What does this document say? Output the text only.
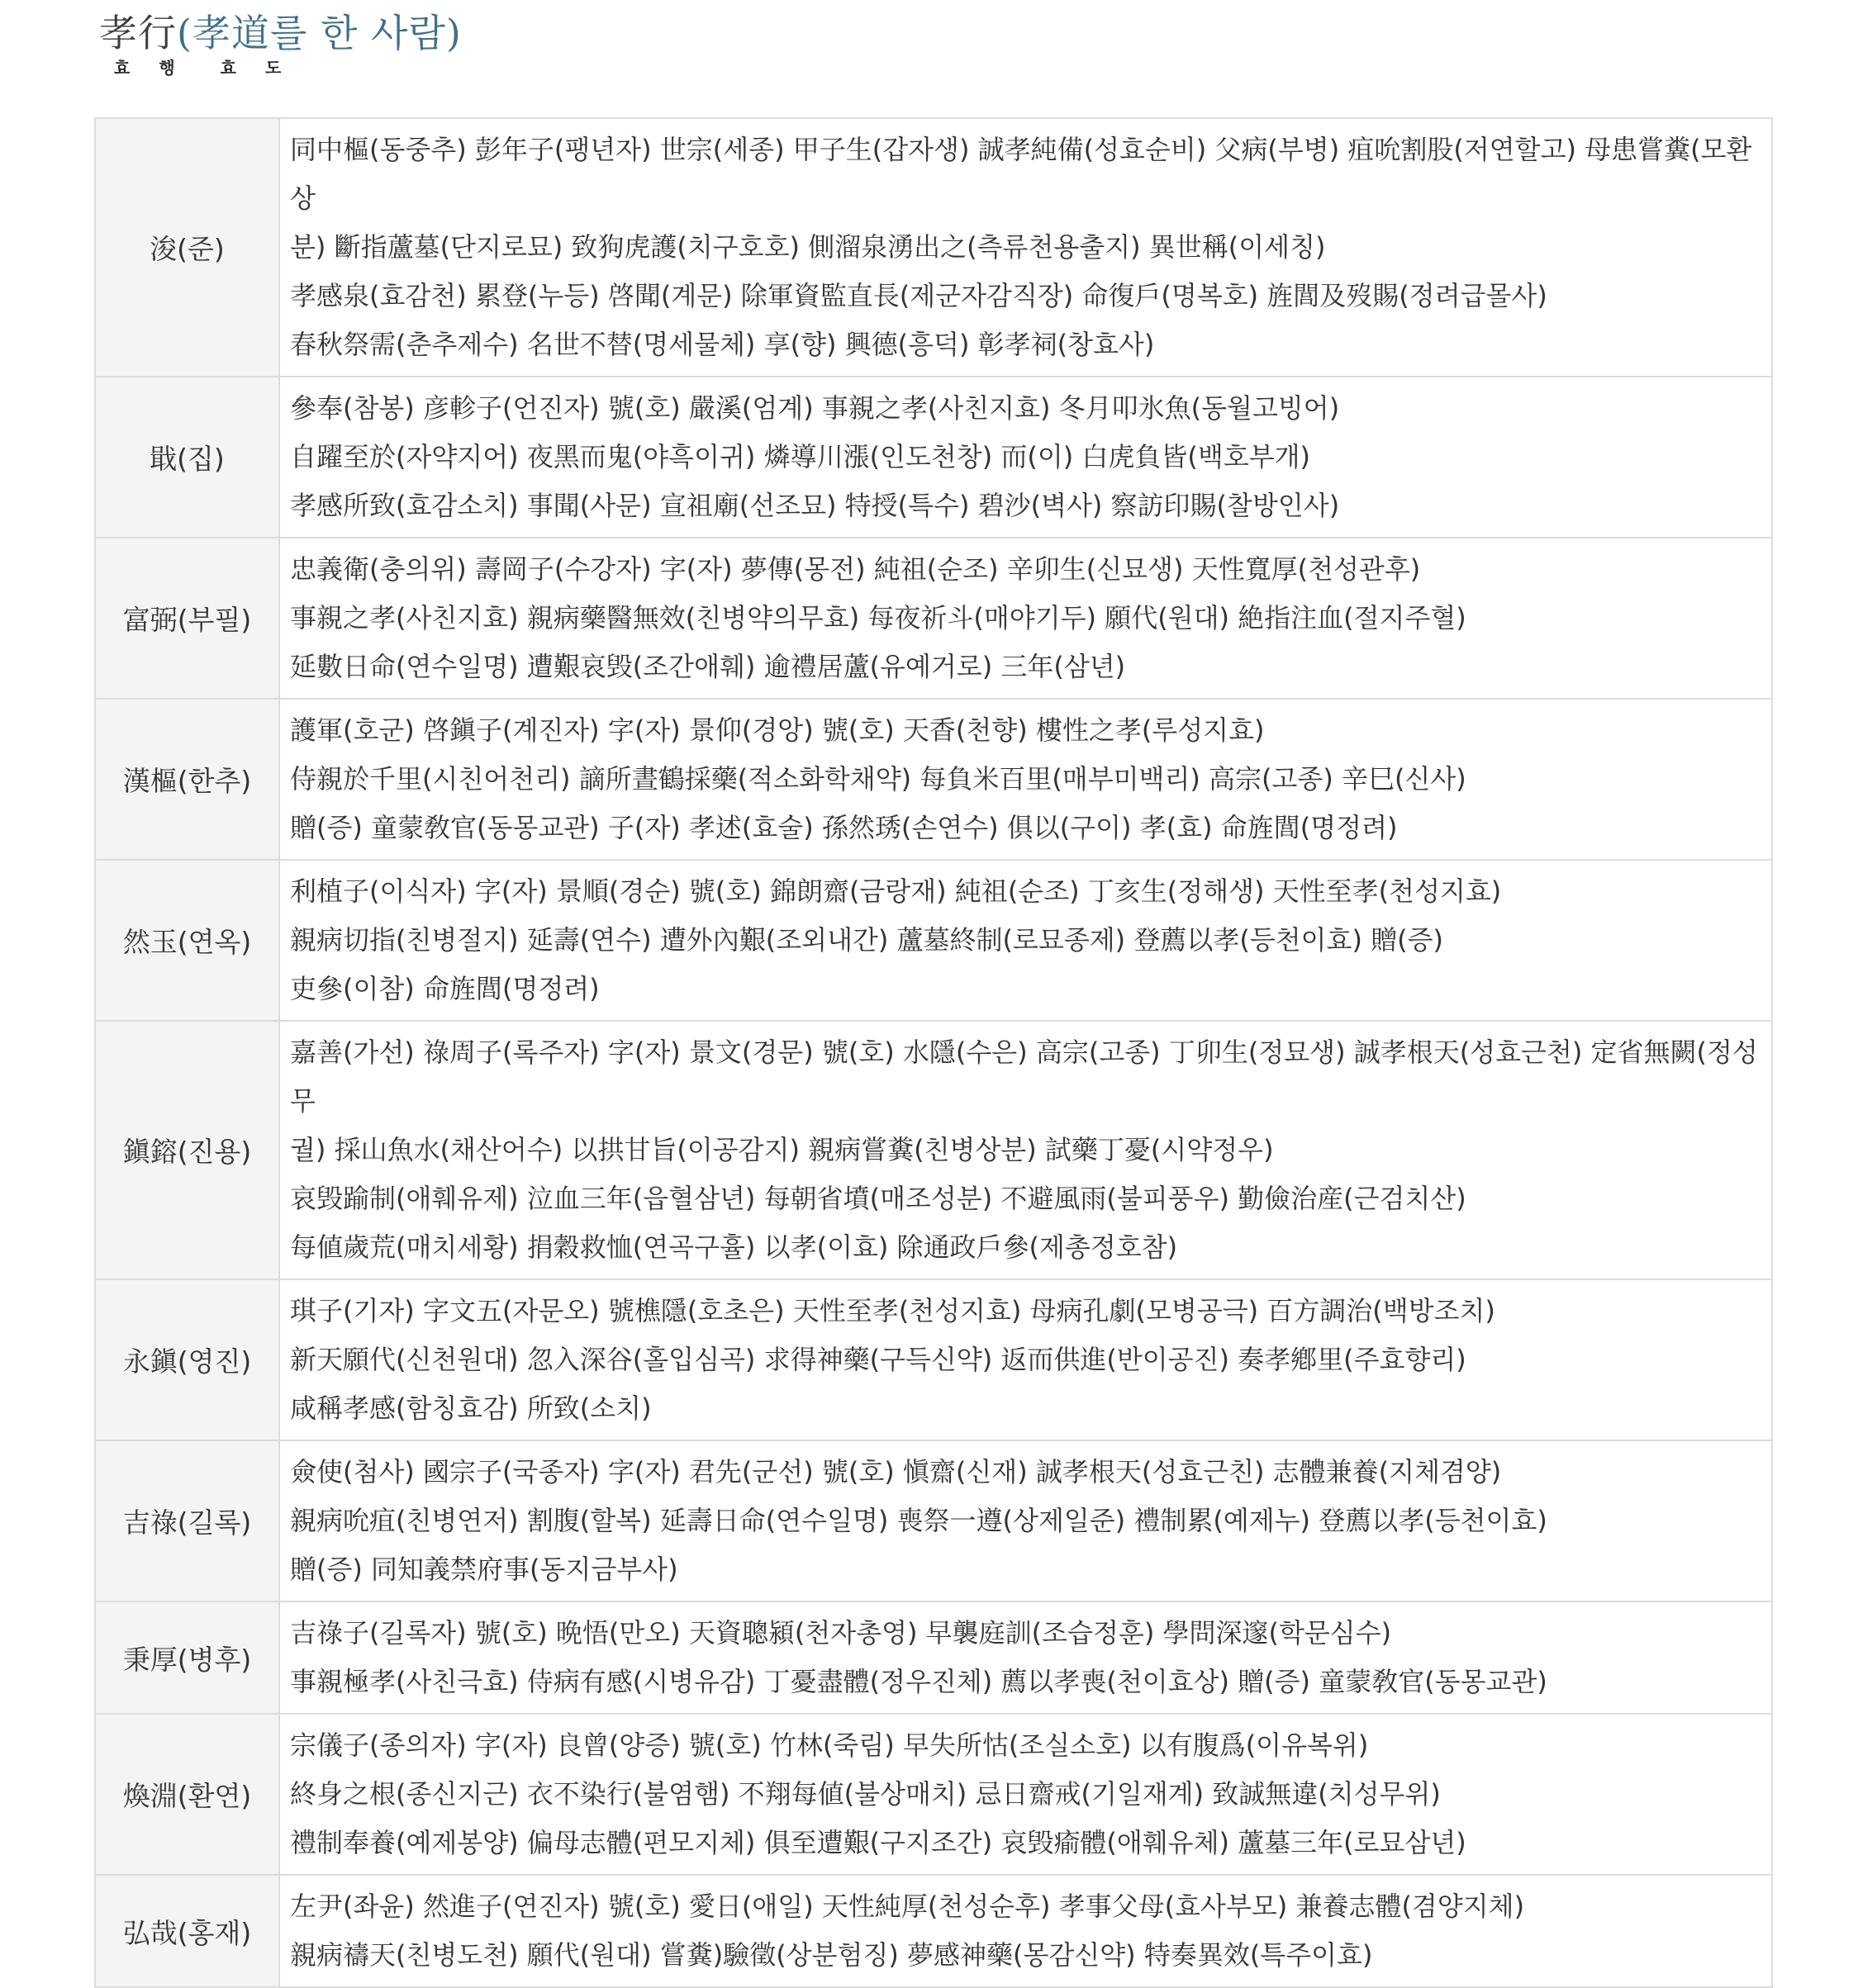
孝行(孝道를 한 사람)
효 행	효 도
浚(준)	同中樞(동중추) 彭年子(팽년자) 世宗(세종) 甲子生(갑자생) 誠孝純備(성효순비) 父病(부병) 疽吮割股(저연할고) 母患嘗糞(모환상
분) 斷指蘆墓(단지로묘) 致狗虎護(치구호호) 側溜泉湧出之(측류천용출지) 異世稱(이세칭)
孝感泉(효감천) 累登(누등) 啓聞(계문) 除軍資監直長(제군자감직장) 命復戶(명복호) 旌閭及歿賜(정려급몰사)
春秋祭需(춘추제수) 名世不替(명세물체) 享(향) 興德(흥덕) 彰孝祠(창효사)

戢(집)	參奉(참봉) 彦軫子(언진자) 號(호) 嚴溪(엄계) 事親之孝(사친지효) 冬月叩氷魚(동월고빙어)
自躍至於(자약지어) 夜黑而鬼(야흑이귀) 燐導川漲(인도천창) 而(이) 白虎負皆(백호부개)
孝感所致(효감소치) 事聞(사문) 宣祖廟(선조묘) 特授(특수) 碧沙(벽사) 察訪印賜(찰방인사)

富弼(부필)	忠義衛(충의위) 壽岡子(수강자) 字(자) 夢傳(몽전) 純祖(순조) 辛卯生(신묘생) 天性寬厚(천성관후)
事親之孝(사친지효) 親病藥醫無效(친병약의무효) 每夜祈斗(매야기두) 願代(원대) 絶指注血(절지주혈)
延數日命(연수일명) 遭艱哀毁(조간애훼) 逾禮居蘆(유예거로) 三年(삼년)

漢樞(한추)	護軍(호군) 啓鎭子(계진자) 字(자) 景仰(경앙) 號(호) 天香(천향) 樓性之孝(루성지효)
侍親於千里(시친어천리) 謫所晝鶴採藥(적소화학채약) 每負米百里(매부미백리) 高宗(고종) 辛巳(신사)
贈(증) 童蒙敎官(동몽교관) 子(자) 孝述(효술) 孫然琇(손연수) 俱以(구이) 孝(효) 命旌閭(명정려)

然玉(연옥)	利植子(이식자) 字(자) 景順(경순) 號(호) 錦朗齋(금랑재) 純祖(순조) 丁亥生(정해생) 天性至孝(천성지효)
親病切指(친병절지) 延壽(연수) 遭外內艱(조외내간) 蘆墓終制(로묘종제) 登薦以孝(등천이효) 贈(증)
吏參(이참) 命旌閭(명정려)

鎭鎔(진용)	嘉善(가선) 祿周子(록주자) 字(자) 景文(경문) 號(호) 水隱(수은) 高宗(고종) 丁卯生(정묘생) 誠孝根天(성효근천) 定省無闕(정성무
궐) 採山魚水(채산어수) 以拱甘旨(이공감지) 親病嘗糞(친병상분) 試藥丁憂(시약정우)
哀毁踰制(애훼유제) 泣血三年(읍혈삼년) 每朝省墳(매조성분) 不避風雨(불피풍우) 勤儉治産(근검치산)
每値歲荒(매치세황) 捐穀救恤(연곡구휼) 以孝(이효) 除通政戶參(제총정호참)

永鎭(영진)	琪子(기자) 字文五(자문오) 號樵隱(호초은) 天性至孝(천성지효) 母病孔劇(모병공극) 百方調治(백방조치)
新天願代(신천원대) 忽入深谷(홀입심곡) 求得神藥(구득신약) 返而供進(반이공진) 奏孝鄕里(주효향리)
咸稱孝感(함칭효감) 所致(소치)

吉祿(길록)	僉使(첨사) 國宗子(국종자) 字(자) 君先(군선) 號(호) 愼齋(신재) 誠孝根天(성효근친) 志體兼養(지체겸양)
親病吮疽(친병연저) 割腹(할복) 延壽日命(연수일명) 喪祭一遵(상제일준) 禮制累(예제누) 登薦以孝(등천이효)
贈(증) 同知義禁府事(동지금부사)

秉厚(병후)	吉祿子(길록자) 號(호) 晩悟(만오) 天資聰潁(천자총영) 早襲庭訓(조습정훈) 學問深邃(학문심수)
事親極孝(사친극효) 侍病有感(시병유감) 丁憂盡體(정우진체) 薦以孝喪(천이효상) 贈(증) 童蒙敎官(동몽교관)

煥淵(환연)	宗儀子(종의자) 字(자) 良曾(양증) 號(호) 竹林(죽림) 早失所怙(조실소호) 以有腹爲(이유복위)
終身之根(종신지근) 衣不染行(불염햄) 不翔每値(불상매치) 忌日齋戒(기일재계) 致誠無違(치성무위)
禮制奉養(예제봉양) 偏母志體(편모지체) 俱至遭艱(구지조간) 哀毁瘉體(애훼유체) 蘆墓三年(로묘삼년)

弘哉(홍재)	左尹(좌윤) 然進子(연진자) 號(호) 愛日(애일) 天性純厚(천성순후) 孝事父母(효사부모) 兼養志體(겸양지체)
親病禱天(친병도천) 願代(원대) 嘗糞)驗徵(상분험징) 夢感神藥(몽감신약) 特奏異效(특주이효)
